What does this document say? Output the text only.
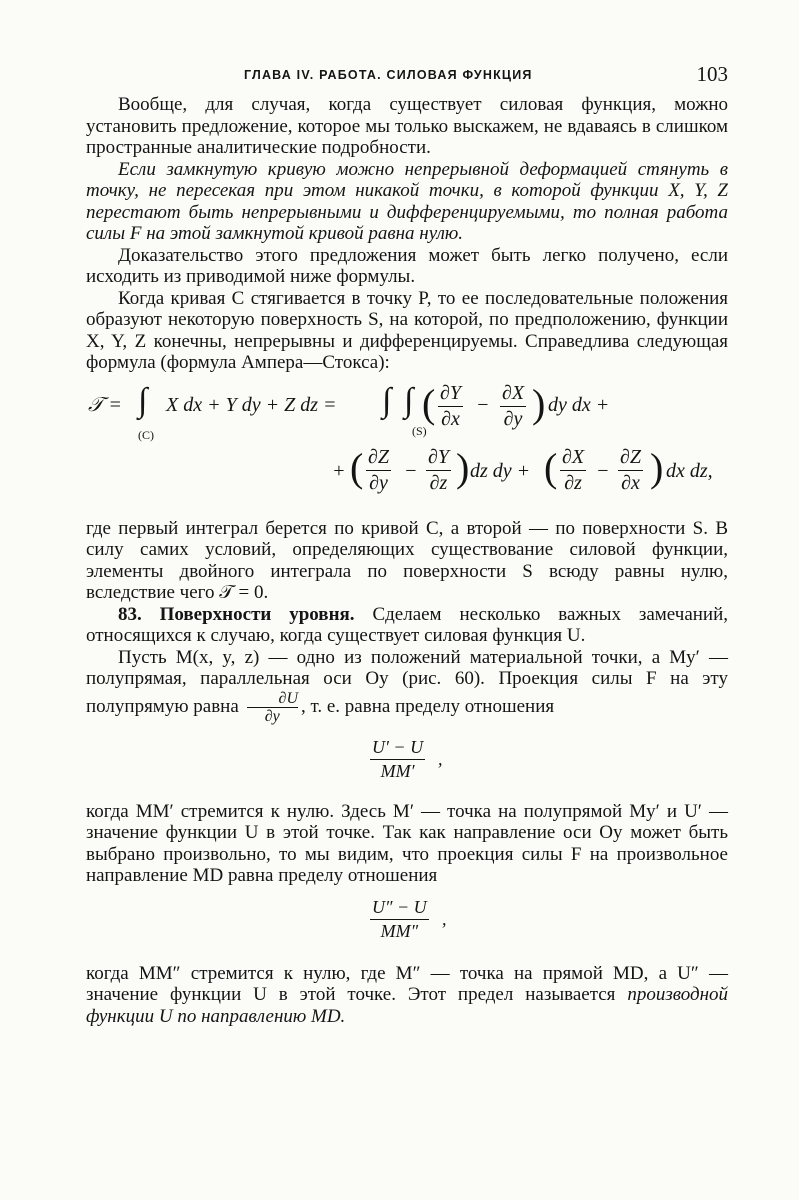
ГЛАВА IV. РАБОТА. СИЛОВАЯ ФУНКЦИЯ	103

Вообще, для случая, когда существует силовая функция, можно установить предложение, которое мы только выскажем, не вдаваясь в слишком пространные аналитические подробности.

Если замкнутую кривую можно непрерывной деформацией стянуть в точку, не пересекая при этом никакой точки, в которой функции X, Y, Z перестают быть непрерывными и дифференцируемыми, то полная работа силы F на этой замкнутой кривой равна нулю.

Доказательство этого предложения может быть легко получено, если исходить из приводимой ниже формулы.

Когда кривая C стягивается в точку P, то ее последовательные положения образуют некоторую поверхность S, на которой, по предположению, функции X, Y, Z конечны, непрерывны и дифференцируемы. Справедлива следующая формула (формула Ампера—Стокса):

𝒯 = ∫
(C)
X dx + Y dy + Z dz = ∫ ∫
(S)
( ∂Y
∂x
−
∂X
∂y ) dy dx +
+ ( ∂Z
∂y
−
∂Y
∂z ) dz dy + ( ∂X
∂z
−
∂Z
∂x ) dx dz,

где первый интеграл берется по кривой C, а второй — по поверхности S. В силу самих условий, определяющих существование силовой функции, элементы двойного интеграла по поверхности S всюду равны нулю, вследствие чего 𝒯 = 0.

83. Поверхности уровня. Сделаем несколько важных замечаний, относящихся к случаю, когда существует силовая функция U.

Пусть M(x, y, z) — одно из положений материальной точки, а My′ — полупрямая, параллельная оси Oy (рис. 60). Проекция силы F на эту полупрямую равна ∂U
∂y , т. е. равна пределу отношения

U′ − U
MM′
,

когда MM′ стремится к нулю. Здесь M′ — точка на полупрямой My′ и U′ — значение функции U в этой точке. Так как направление оси Oy может быть выбрано произвольно, то мы видим, что проекция силы F на произвольное направление MD равна пределу отношения

U″ − U
MM″
,

когда MM″ стремится к нулю, где M″ — точка на прямой MD, а U″ — значение функции U в этой точке. Этот предел называется производной функции U по направлению MD.
